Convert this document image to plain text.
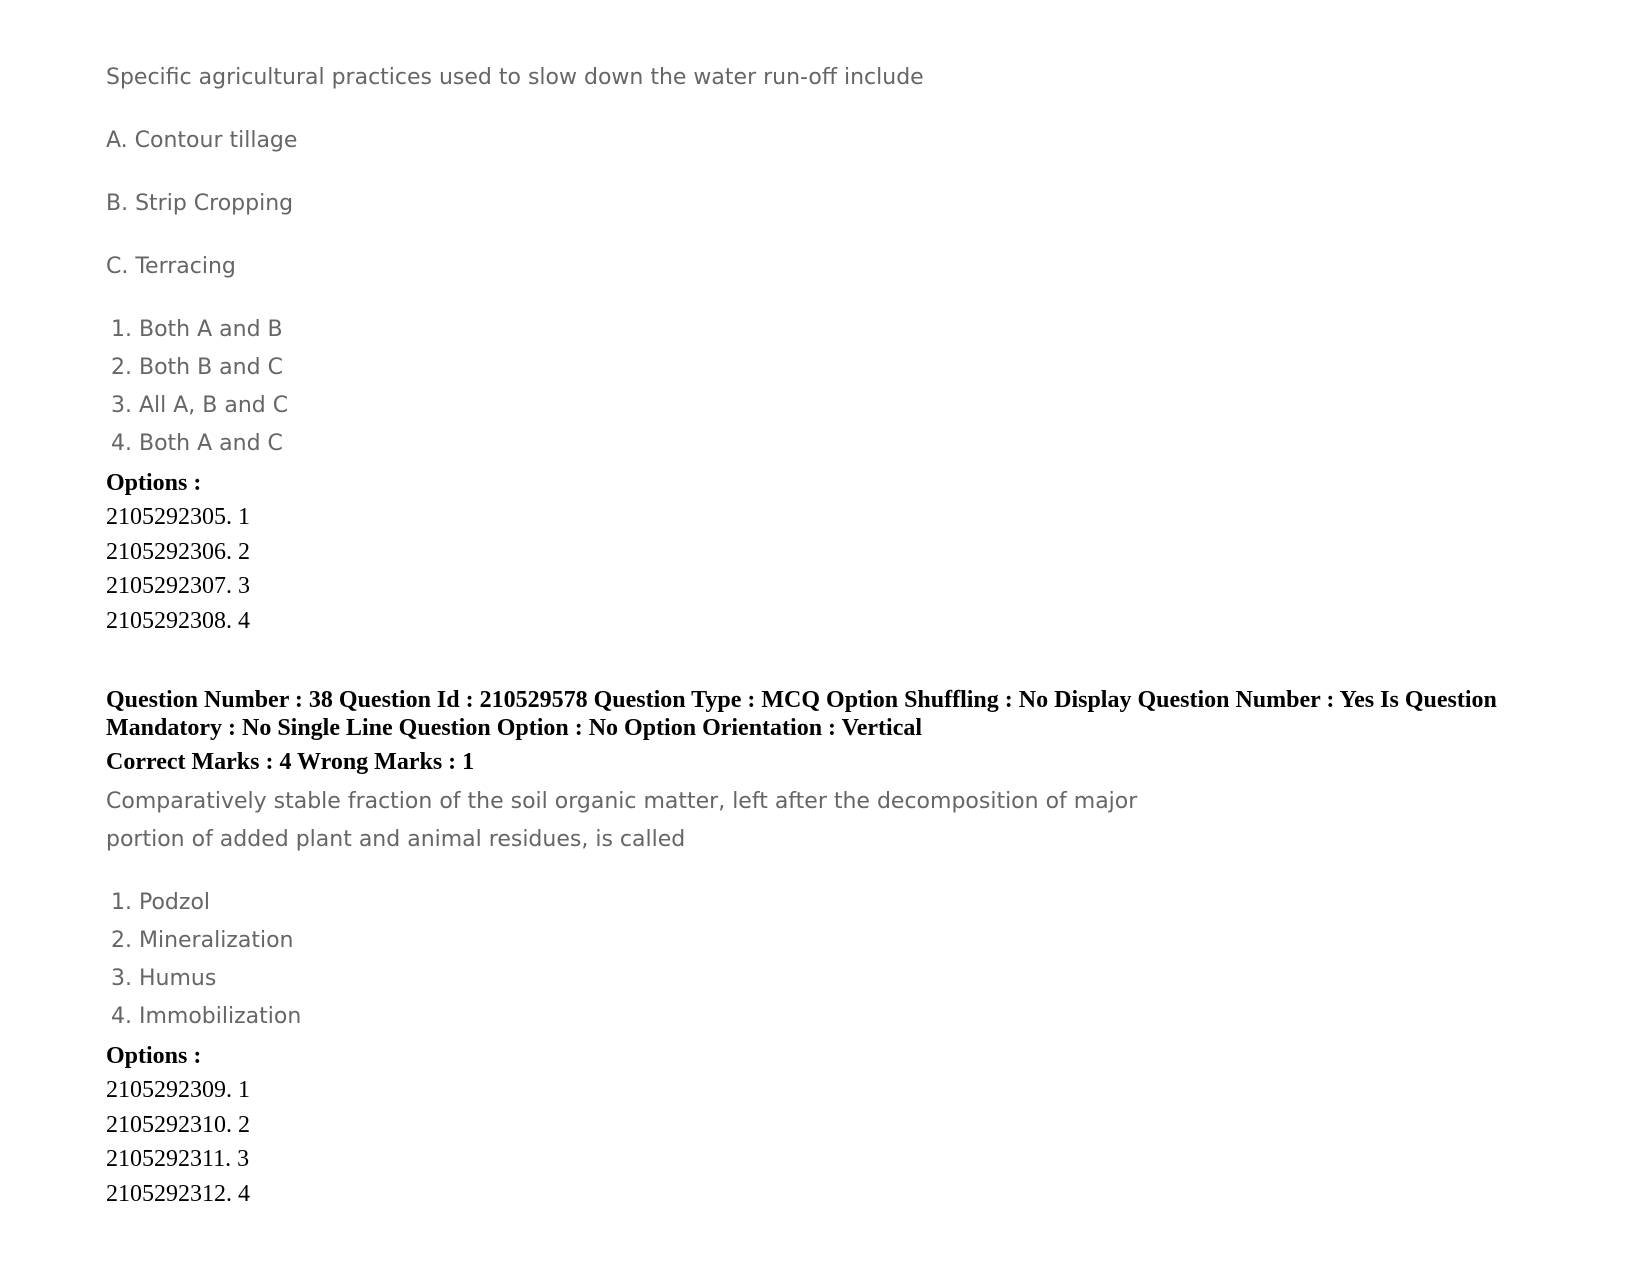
Specific agricultural practices used to slow down the water run-off include

A. Contour tillage

B. Strip Cropping

C. Terracing

1. Both A and B

2. Both B and C

3. All A, B and C

4. Both A and C

Options :

2105292305. 1

2105292306. 2

2105292307. 3

2105292308. 4

Question Number : 38 Question Id : 210529578 Question Type : MCQ Option Shuffling : No Display Question Number : Yes Is Question Mandatory : No Single Line Question Option : No Option Orientation : Vertical

Correct Marks : 4 Wrong Marks : 1

Comparatively stable fraction of the soil organic matter, left after the decomposition of major

portion of added plant and animal residues, is called

1. Podzol

2. Mineralization

3. Humus

4. Immobilization

Options :

2105292309. 1

2105292310. 2

2105292311. 3

2105292312. 4
